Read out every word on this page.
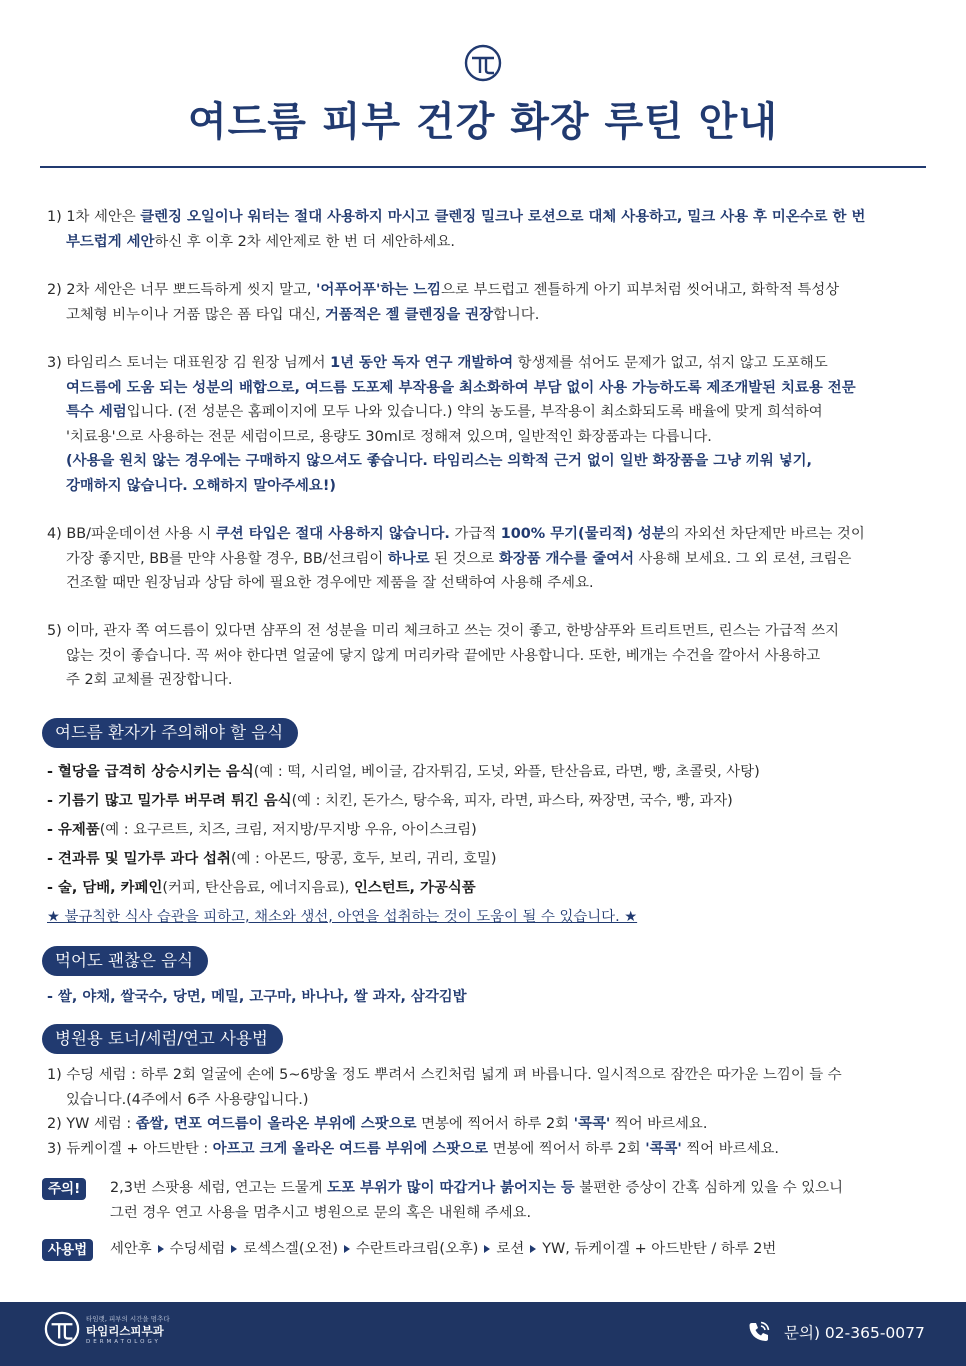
여드름 피부 건강 화장 루틴 안내
1) 1차 세안은 클렌징 오일이나 워터는 절대 사용하지 마시고 클렌징 밀크나 로션으로 대체 사용하고, 밀크 사용 후 미온수로 한 번
부드럽게 세안하신 후 이후 2차 세안제로 한 번 더 세안하세요.
2) 2차 세안은 너무 뽀드득하게 씻지 말고, '어푸어푸'하는 느낌으로 부드럽고 젠틀하게 아기 피부처럼 씻어내고, 화학적 특성상
고체형 비누이나 거품 많은 폼 타입 대신, 거품적은 젤 클렌징을 권장합니다.
3) 타임리스 토너는 대표원장 김 원장 님께서 1년 동안 독자 연구 개발하여 항생제를 섞어도 문제가 없고, 섞지 않고 도포해도
여드름에 도움 되는 성분의 배합으로, 여드름 도포제 부작용을 최소화하여 부담 없이 사용 가능하도록 제조개발된 치료용 전문
특수 세럼입니다. (전 성분은 홈페이지에 모두 나와 있습니다.) 약의 농도를, 부작용이 최소화되도록 배율에 맞게 희석하여
'치료용'으로 사용하는 전문 세럼이므로, 용량도 30ml로 정해져 있으며, 일반적인 화장품과는 다릅니다.
(사용을 원치 않는 경우에는 구매하지 않으셔도 좋습니다. 타임리스는 의학적 근거 없이 일반 화장품을 그냥 끼워 넣기,
강매하지 않습니다. 오해하지 말아주세요!)
4) BB/파운데이션 사용 시 쿠션 타입은 절대 사용하지 않습니다. 가급적 100% 무기(물리적) 성분의 자외선 차단제만 바르는 것이
가장 좋지만, BB를 만약 사용할 경우, BB/선크림이 하나로 된 것으로 화장품 개수를 줄여서 사용해 보세요. 그 외 로션, 크림은
건조할 때만 원장님과 상담 하에 필요한 경우에만 제품을 잘 선택하여 사용해 주세요.
5) 이마, 관자 쪽 여드름이 있다면 샴푸의 전 성분을 미리 체크하고 쓰는 것이 좋고, 한방샴푸와 트리트먼트, 린스는 가급적 쓰지
않는 것이 좋습니다. 꼭 써야 한다면 얼굴에 닿지 않게 머리카락 끝에만 사용합니다. 또한, 베개는 수건을 깔아서 사용하고
주 2회 교체를 권장합니다.
여드름 환자가 주의해야 할 음식
- 혈당을 급격히 상승시키는 음식(예 : 떡, 시리얼, 베이글, 감자튀김, 도넛, 와플, 탄산음료, 라면, 빵, 초콜릿, 사탕)
- 기름기 많고 밀가루 버무려 튀긴 음식(예 : 치킨, 돈가스, 탕수육, 피자, 라면, 파스타, 짜장면, 국수, 빵, 과자)
- 유제품(예 : 요구르트, 치즈, 크림, 저지방/무지방 우유, 아이스크림)
- 견과류 및 밀가루 과다 섭취(예 : 아몬드, 땅콩, 호두, 보리, 귀리, 호밀)
- 술, 담배, 카페인(커피, 탄산음료, 에너지음료), 인스턴트, 가공식품
★ 불규칙한 식사 습관을 피하고, 채소와 생선, 아연을 섭취하는 것이 도움이 될 수 있습니다. ★
먹어도 괜찮은 음식
- 쌀, 야채, 쌀국수, 당면, 메밀, 고구마, 바나나, 쌀 과자, 삼각김밥
병원용 토너/세럼/연고 사용법
1) 수딩 세럼 : 하루 2회 얼굴에 손에 5~6방울 정도 뿌려서 스킨처럼 넓게 펴 바릅니다. 일시적으로 잠깐은 따가운 느낌이 들 수
있습니다.(4주에서 6주 사용량입니다.)
2) YW 세럼 : 좁쌀, 면포 여드름이 올라온 부위에 스팟으로 면봉에 찍어서 하루 2회 '콕콕' 찍어 바르세요.
3) 듀케이겔 + 아드반탄 : 아프고 크게 올라온 여드름 부위에 스팟으로 면봉에 찍어서 하루 2회 '콕콕' 찍어 바르세요.
주의!	2,3번 스팟용 세럼, 연고는 드물게 도포 부위가 많이 따갑거나 붉어지는 등 불편한 증상이 간혹 심하게 있을 수 있으니
그런 경우 연고 사용을 멈추시고 병원으로 문의 혹은 내원해 주세요.
사용법	세안후 수딩세럼 로섹스겔(오전) 수란트라크림(오후) 로션 YW, 듀케이겔 + 아드반탄 / 하루 2번
타임랫, 피부의 시간을 멈추다
타임리스피부과
DERMATOLOGY	문의) 02-365-0077
